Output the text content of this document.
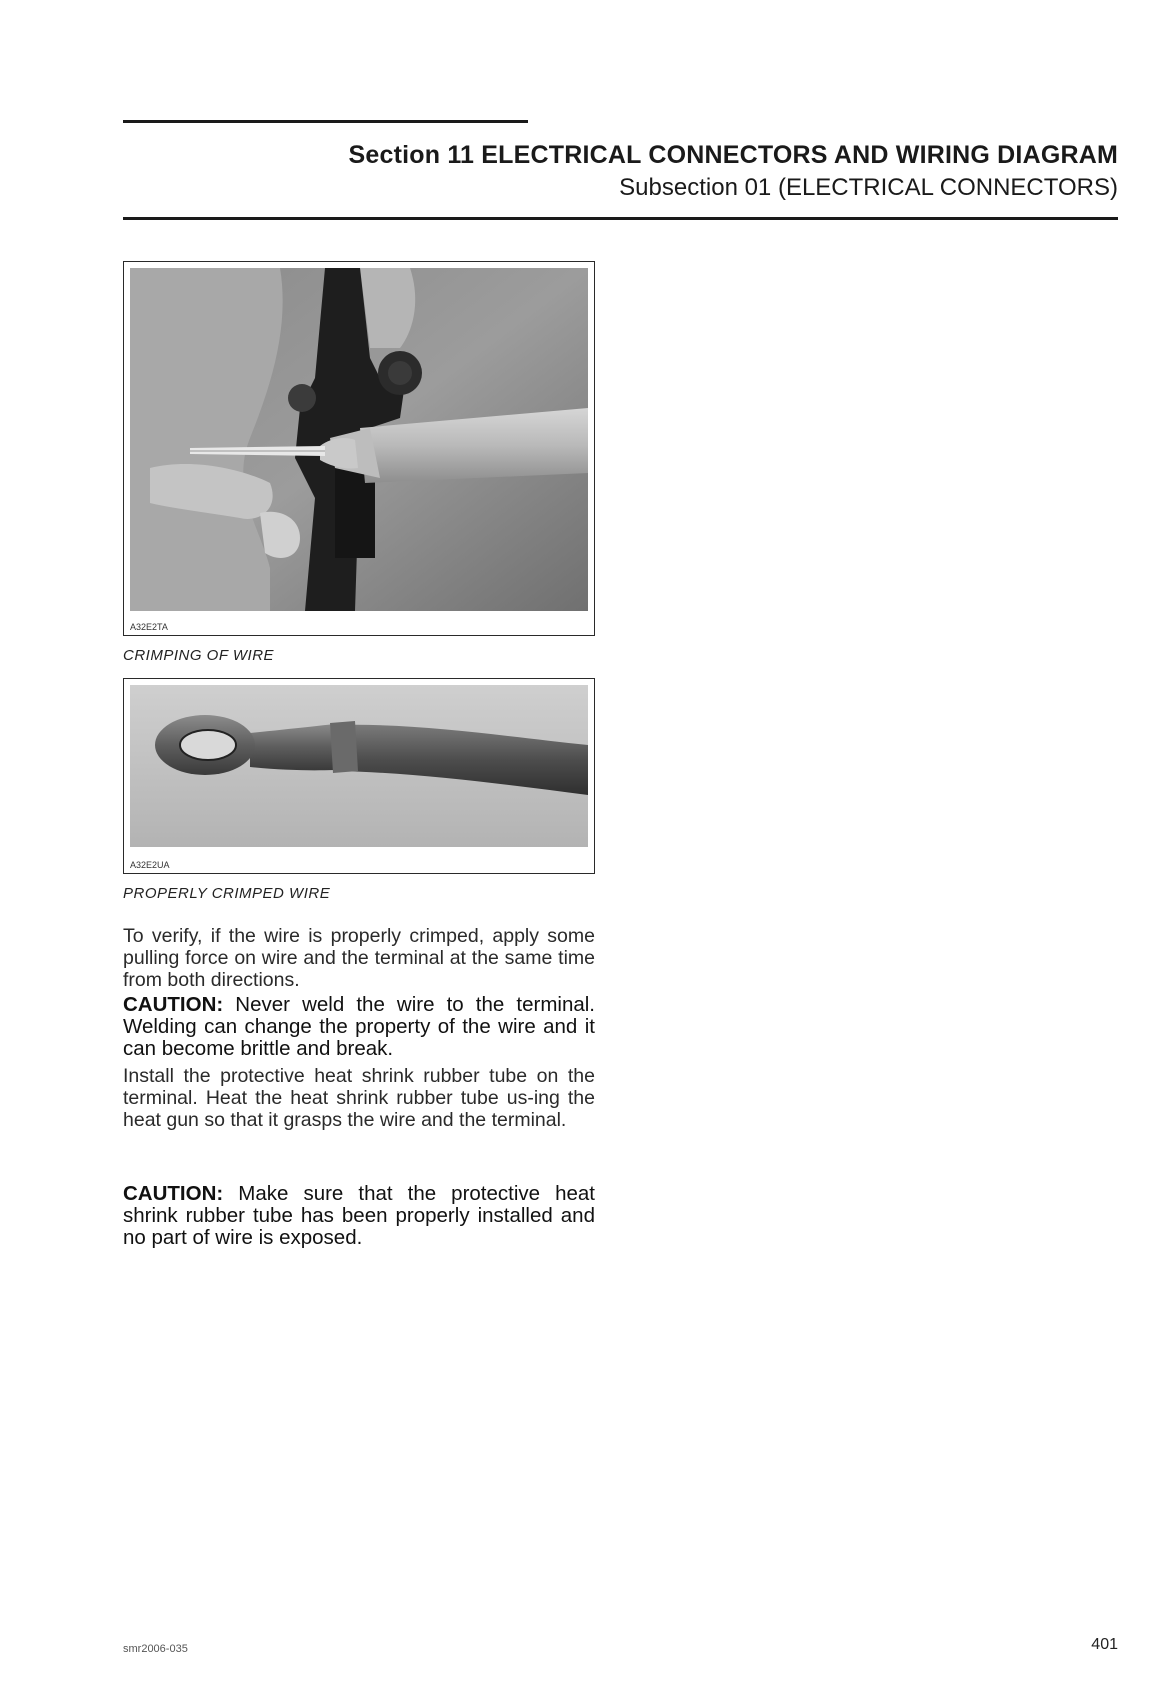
Section 11 ELECTRICAL CONNECTORS AND WIRING DIAGRAM
Subsection 01 (ELECTRICAL CONNECTORS)
A32E2TA
CRIMPING OF WIRE
A32E2UA
PROPERLY CRIMPED WIRE
To verify, if the wire is properly crimped, apply some pulling force on wire and the terminal at the same time from both directions.
CAUTION: Never weld the wire to the terminal. Welding can change the property of the wire and it can become brittle and break.
Install the protective heat shrink rubber tube on the terminal. Heat the heat shrink rubber tube us-ing the heat gun so that it grasps the wire and the terminal.
CAUTION: Make sure that the protective heat shrink rubber tube has been properly installed and no part of wire is exposed.
smr2006-035	401
